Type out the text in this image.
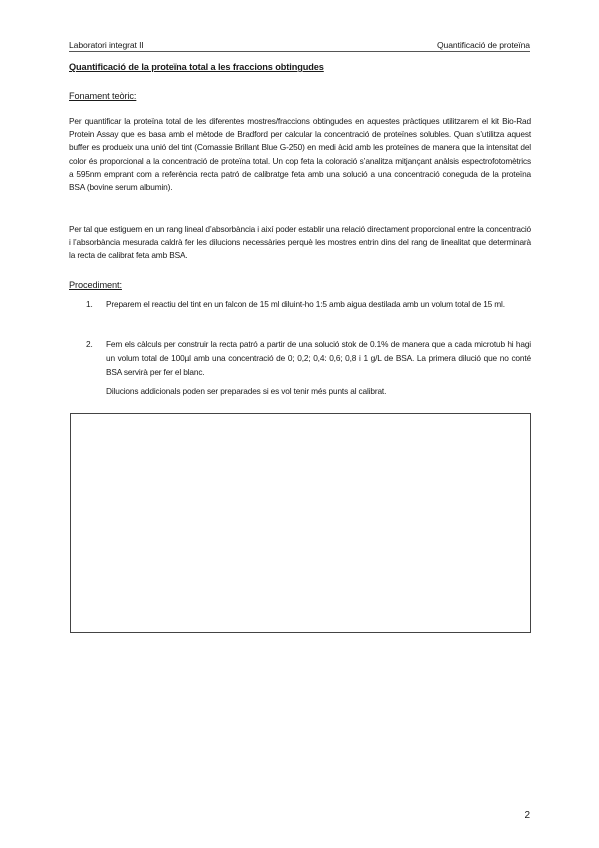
Laboratori integrat II	Quantificació de proteïna
Quantificació de la proteïna total a les fraccions obtingudes
Fonament teòric:

Per quantificar la proteïna total de les diferentes mostres/fraccions obtingudes en aquestes pràctiques utilitzarem el kit Bio-Rad Protein Assay que es basa amb el mètode de Bradford per calcular la concentració de proteïnes solubles. Quan s’utilitza aquest buffer es produeix una unió del tint (Comassie Brillant Blue G-250) en medi àcid amb les proteïnes de manera que la intensitat del color és proporcional a la concentració de proteïna total. Un cop feta la coloració s’analitza mitjançant anàlsis espectrofotomètrics a 595nm emprant com a referència recta patró de calibratge feta amb una solució a una concentració coneguda de la proteïna BSA (bovine serum albumin).

Per tal que estiguem en un rang lineal d’absorbància i així poder establir una relació directament proporcional entre la concentració i l’absorbància mesurada caldrà fer les dilucions necessàries perquè les mostres entrin dins del rang de linealitat que determinarà la recta de calibrat feta amb BSA.

Procediment:
1. Preparem el reactiu del tint en un falcon de 15 ml diluint-ho 1:5 amb aigua destilada amb un volum total de 15 ml.
2. Fem els càlculs per construir la recta patró a partir de una solució stok de 0.1% de manera que a cada microtub hi hagi un volum total de 100µl amb una concentració de 0; 0,2; 0,4: 0,6; 0,8 i 1 g/L de BSA. La primera dilució que no conté BSA servirà per fer el blanc.
Dilucions addicionals poden ser preparades si es vol tenir més punts al calibrat.
2
